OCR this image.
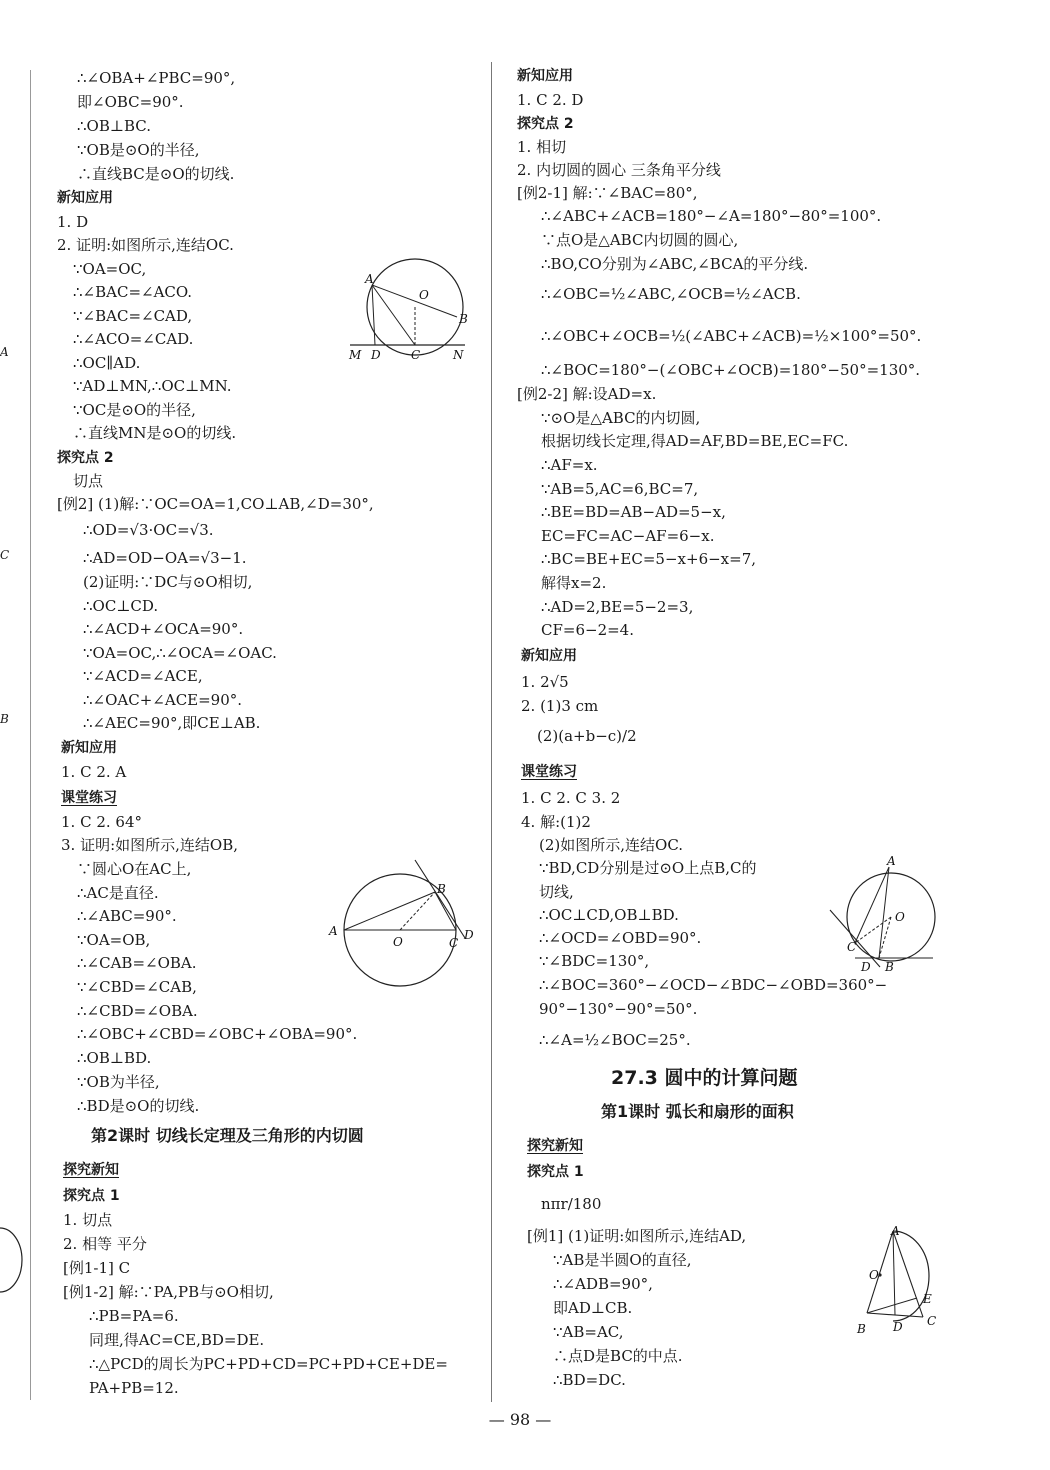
A
C
B
∴∠OBA+∠PBC=90°,
即∠OBC=90°.
∴OB⊥BC.
∵OB是⊙O的半径,
∴直线BC是⊙O的切线.
新知应用
1. D
2. 证明:如图所示,连结OC.
∵OA=OC,
∴∠BAC=∠ACO.
∵∠BAC=∠CAD,
∴∠ACO=∠CAD.
∴OC∥AD.
∵AD⊥MN,∴OC⊥MN.
∵OC是⊙O的半径,
∴直线MN是⊙O的切线.
探究点 2
切点
[例2] (1)解:∵OC=OA=1,CO⊥AB,∠D=30°,
∴OD=√3·OC=√3.
∴AD=OD−OA=√3−1.
(2)证明:∵DC与⊙O相切,
∴OC⊥CD.
∴∠ACD+∠OCA=90°.
∵OA=OC,∴∠OCA=∠OAC.
∵∠ACD=∠ACE,
∴∠OAC+∠ACE=90°.
∴∠AEC=90°,即CE⊥AB.
新知应用
1. C 2. A
课堂练习
1. C 2. 64°
3. 证明:如图所示,连结OB,
∵圆心O在AC上,
∴AC是直径.
∴∠ABC=90°.
∵OA=OB,
∴∠CAB=∠OBA.
∵∠CBD=∠CAB,
∴∠CBD=∠OBA.
∴∠OBC+∠CBD=∠OBC+∠OBA=90°.
∴OB⊥BD.
∵OB为半径,
∴BD是⊙O的切线.
第2课时 切线长定理及三角形的内切圆
探究新知
探究点 1
1. 切点
2. 相等 平分
[例1-1] C
[例1-2] 解:∵PA,PB与⊙O相切,
∴PB=PA=6.
同理,得AC=CE,BD=DE.
∴△PCD的周长为PC+PD+CD=PC+PD+CE+DE=
PA+PB=12.
新知应用
1. C 2. D
探究点 2
1. 相切
2. 内切圆的圆心 三条角平分线
[例2-1] 解:∵∠BAC=80°,
∴∠ABC+∠ACB=180°−∠A=180°−80°=100°.
∵点O是△ABC内切圆的圆心,
∴BO,CO分别为∠ABC,∠BCA的平分线.
∴∠OBC=½∠ABC,∠OCB=½∠ACB.
∴∠OBC+∠OCB=½(∠ABC+∠ACB)=½×100°=50°.
∴∠BOC=180°−(∠OBC+∠OCB)=180°−50°=130°.
[例2-2] 解:设AD=x.
∵⊙O是△ABC的内切圆,
根据切线长定理,得AD=AF,BD=BE,EC=FC.
∴AF=x.
∵AB=5,AC=6,BC=7,
∴BE=BD=AB−AD=5−x,
EC=FC=AC−AF=6−x.
∴BC=BE+EC=5−x+6−x=7,
解得x=2.
∴AD=2,BE=5−2=3,
CF=6−2=4.
新知应用
1. 2√5
2. (1)3 cm
(2)(a+b−c)/2
课堂练习
1. C 2. C 3. 2
4. 解:(1)2
(2)如图所示,连结OC.
∵BD,CD分别是过⊙O上点B,C的
切线,
∴OC⊥CD,OB⊥BD.
∴∠OCD=∠OBD=90°.
∵∠BDC=130°,
∴∠BOC=360°−∠OCD−∠BDC−∠OBD=360°−
90°−130°−90°=50°.
∴∠A=½∠BOC=25°.
27.3 圆中的计算问题
第1课时 弧长和扇形的面积
探究新知
探究点 1
nπr/180
[例1] (1)证明:如图所示,连结AD,
∵AB是半圆O的直径,
∴∠ADB=90°,
即AD⊥CB.
∵AB=AC,
∴点D是BC的中点.
∴BD=DC.
A
O
B
M D	C	N
A
O
B
C
D
A
O
C
D B
A
O
E
B D C
— 98 —
